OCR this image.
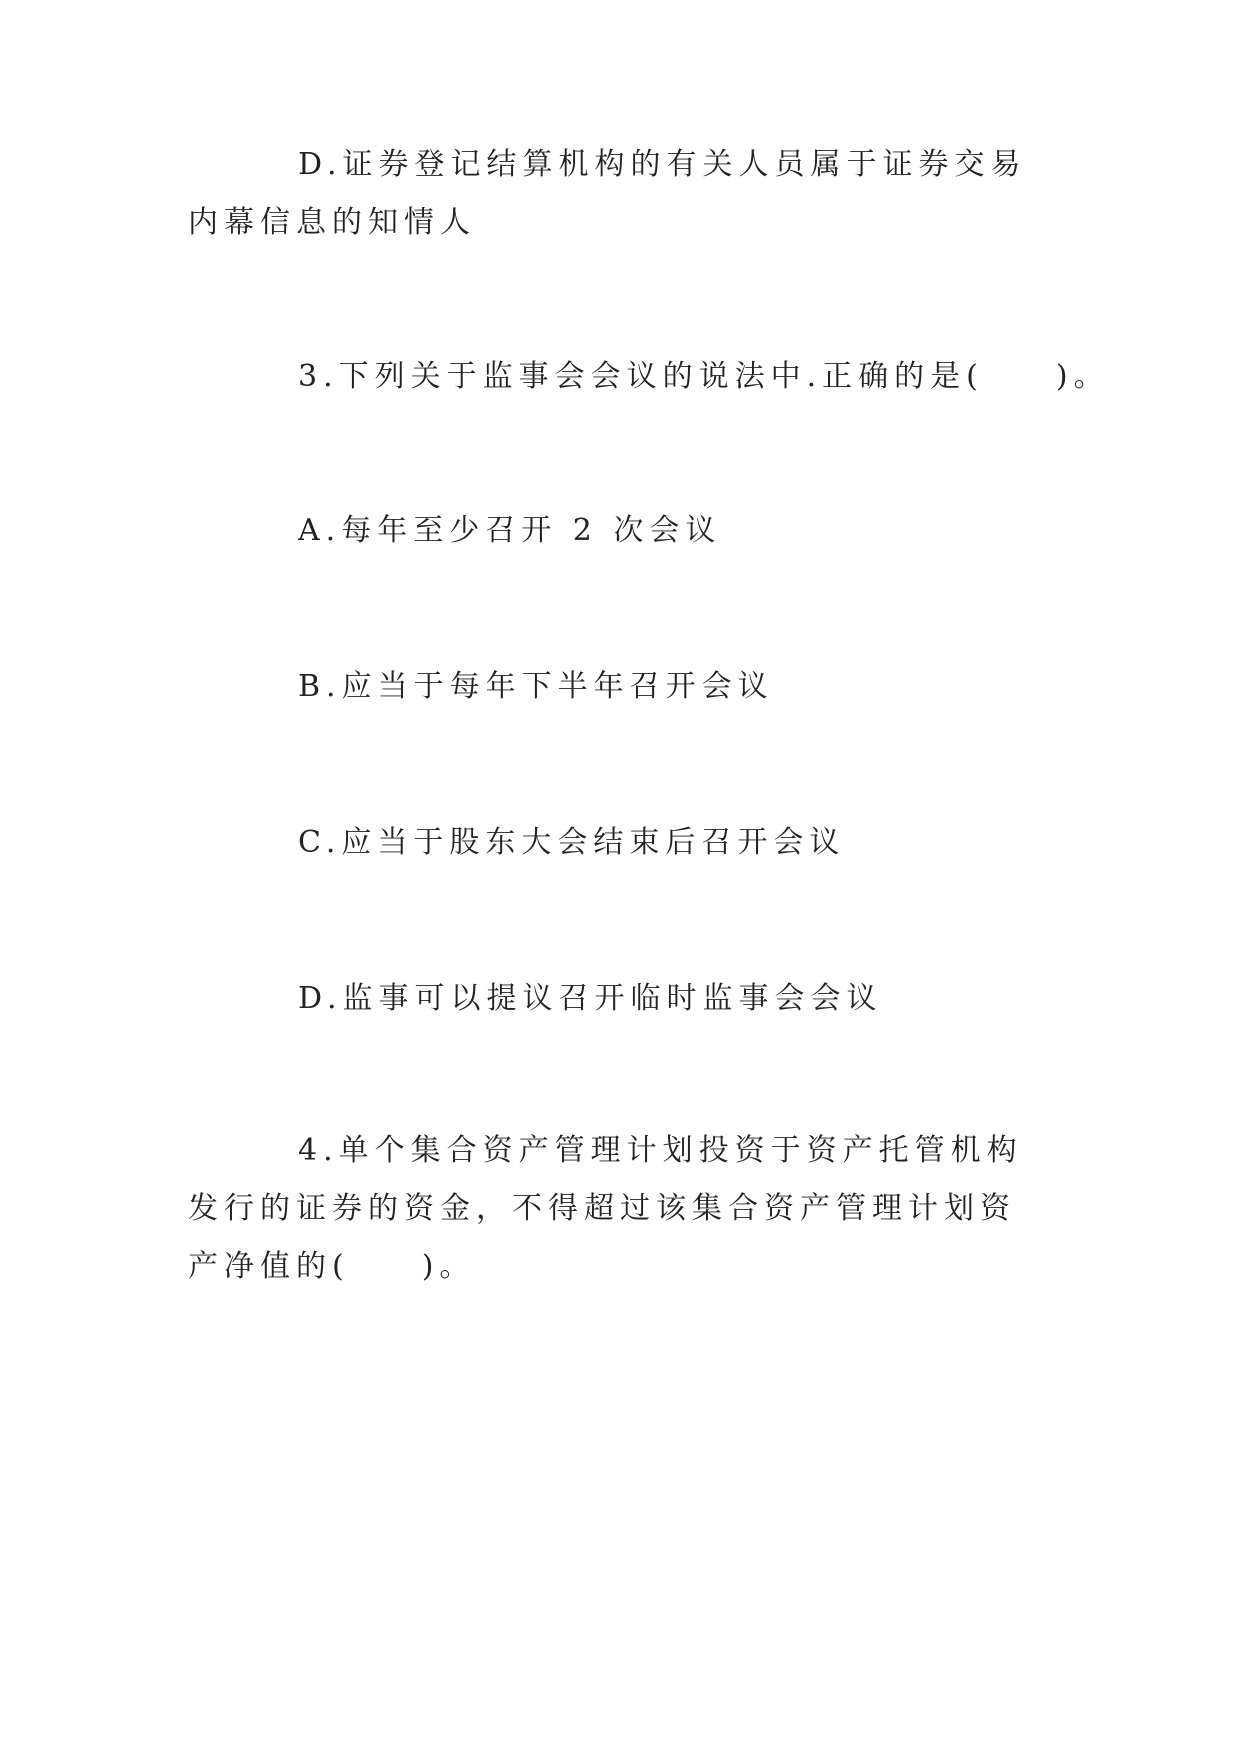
D.证券登记结算机构的有关人员属于证券交易内幕信息的知情人

3.下列关于监事会会议的说法中.正确的是(　　)。

A.每年至少召开 2 次会议

B.应当于每年下半年召开会议

C.应当于股东大会结束后召开会议

D.监事可以提议召开临时监事会会议

4.单个集合资产管理计划投资于资产托管机构发行的证券的资金，不得超过该集合资产管理计划资产净值的(　　)。
